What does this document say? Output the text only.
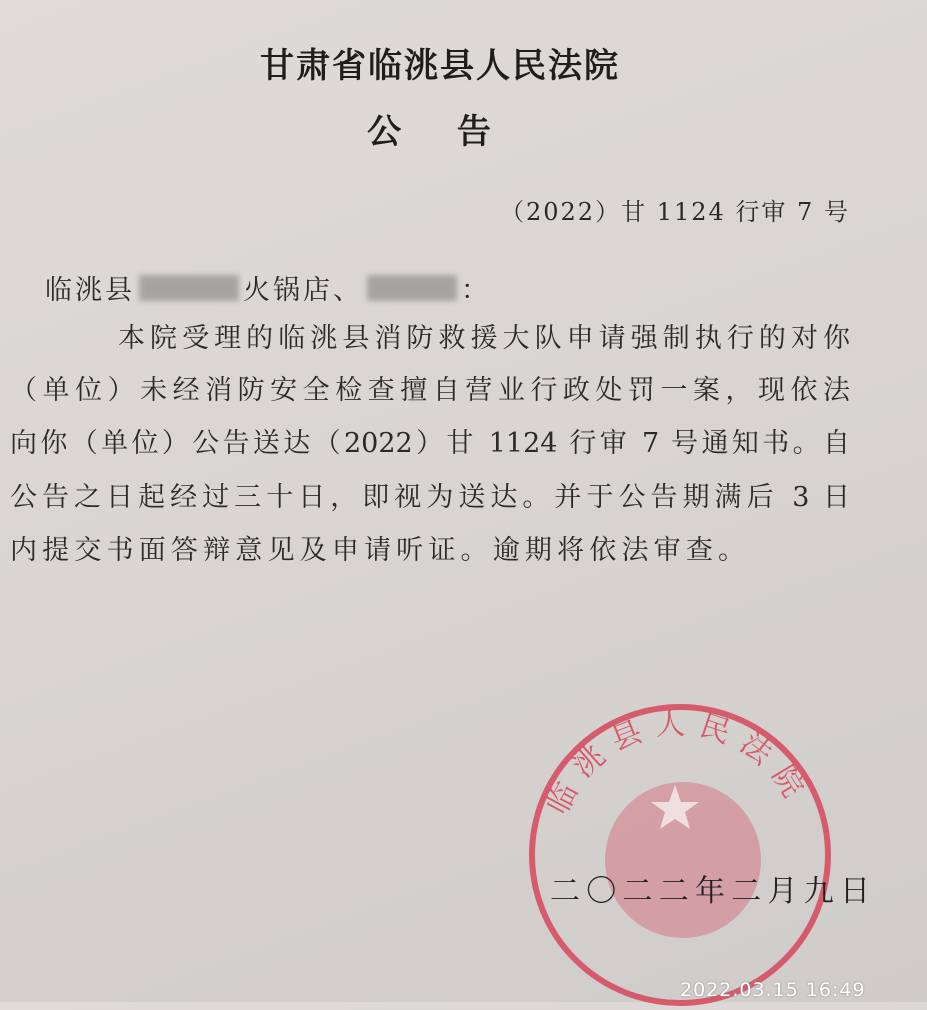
甘肃省临洮县人民法院
公 告
（2022）甘 1124 行审 7 号
临洮县	火锅店、	：
本院受理的临洮县消防救援大队申请强制执行的对你
（单位）未经消防安全检查擅自营业行政处罚一案，现依法
向你（单位）公告送达（2022）甘 1124 行审 7 号通知书。自
公告之日起经过三十日，即视为送达。并于公告期满后 3 日
内提交书面答辩意见及申请听证。逾期将依法审查。
临洮县人民法院
二〇二二年二月九日
2022.03.15 16:49
